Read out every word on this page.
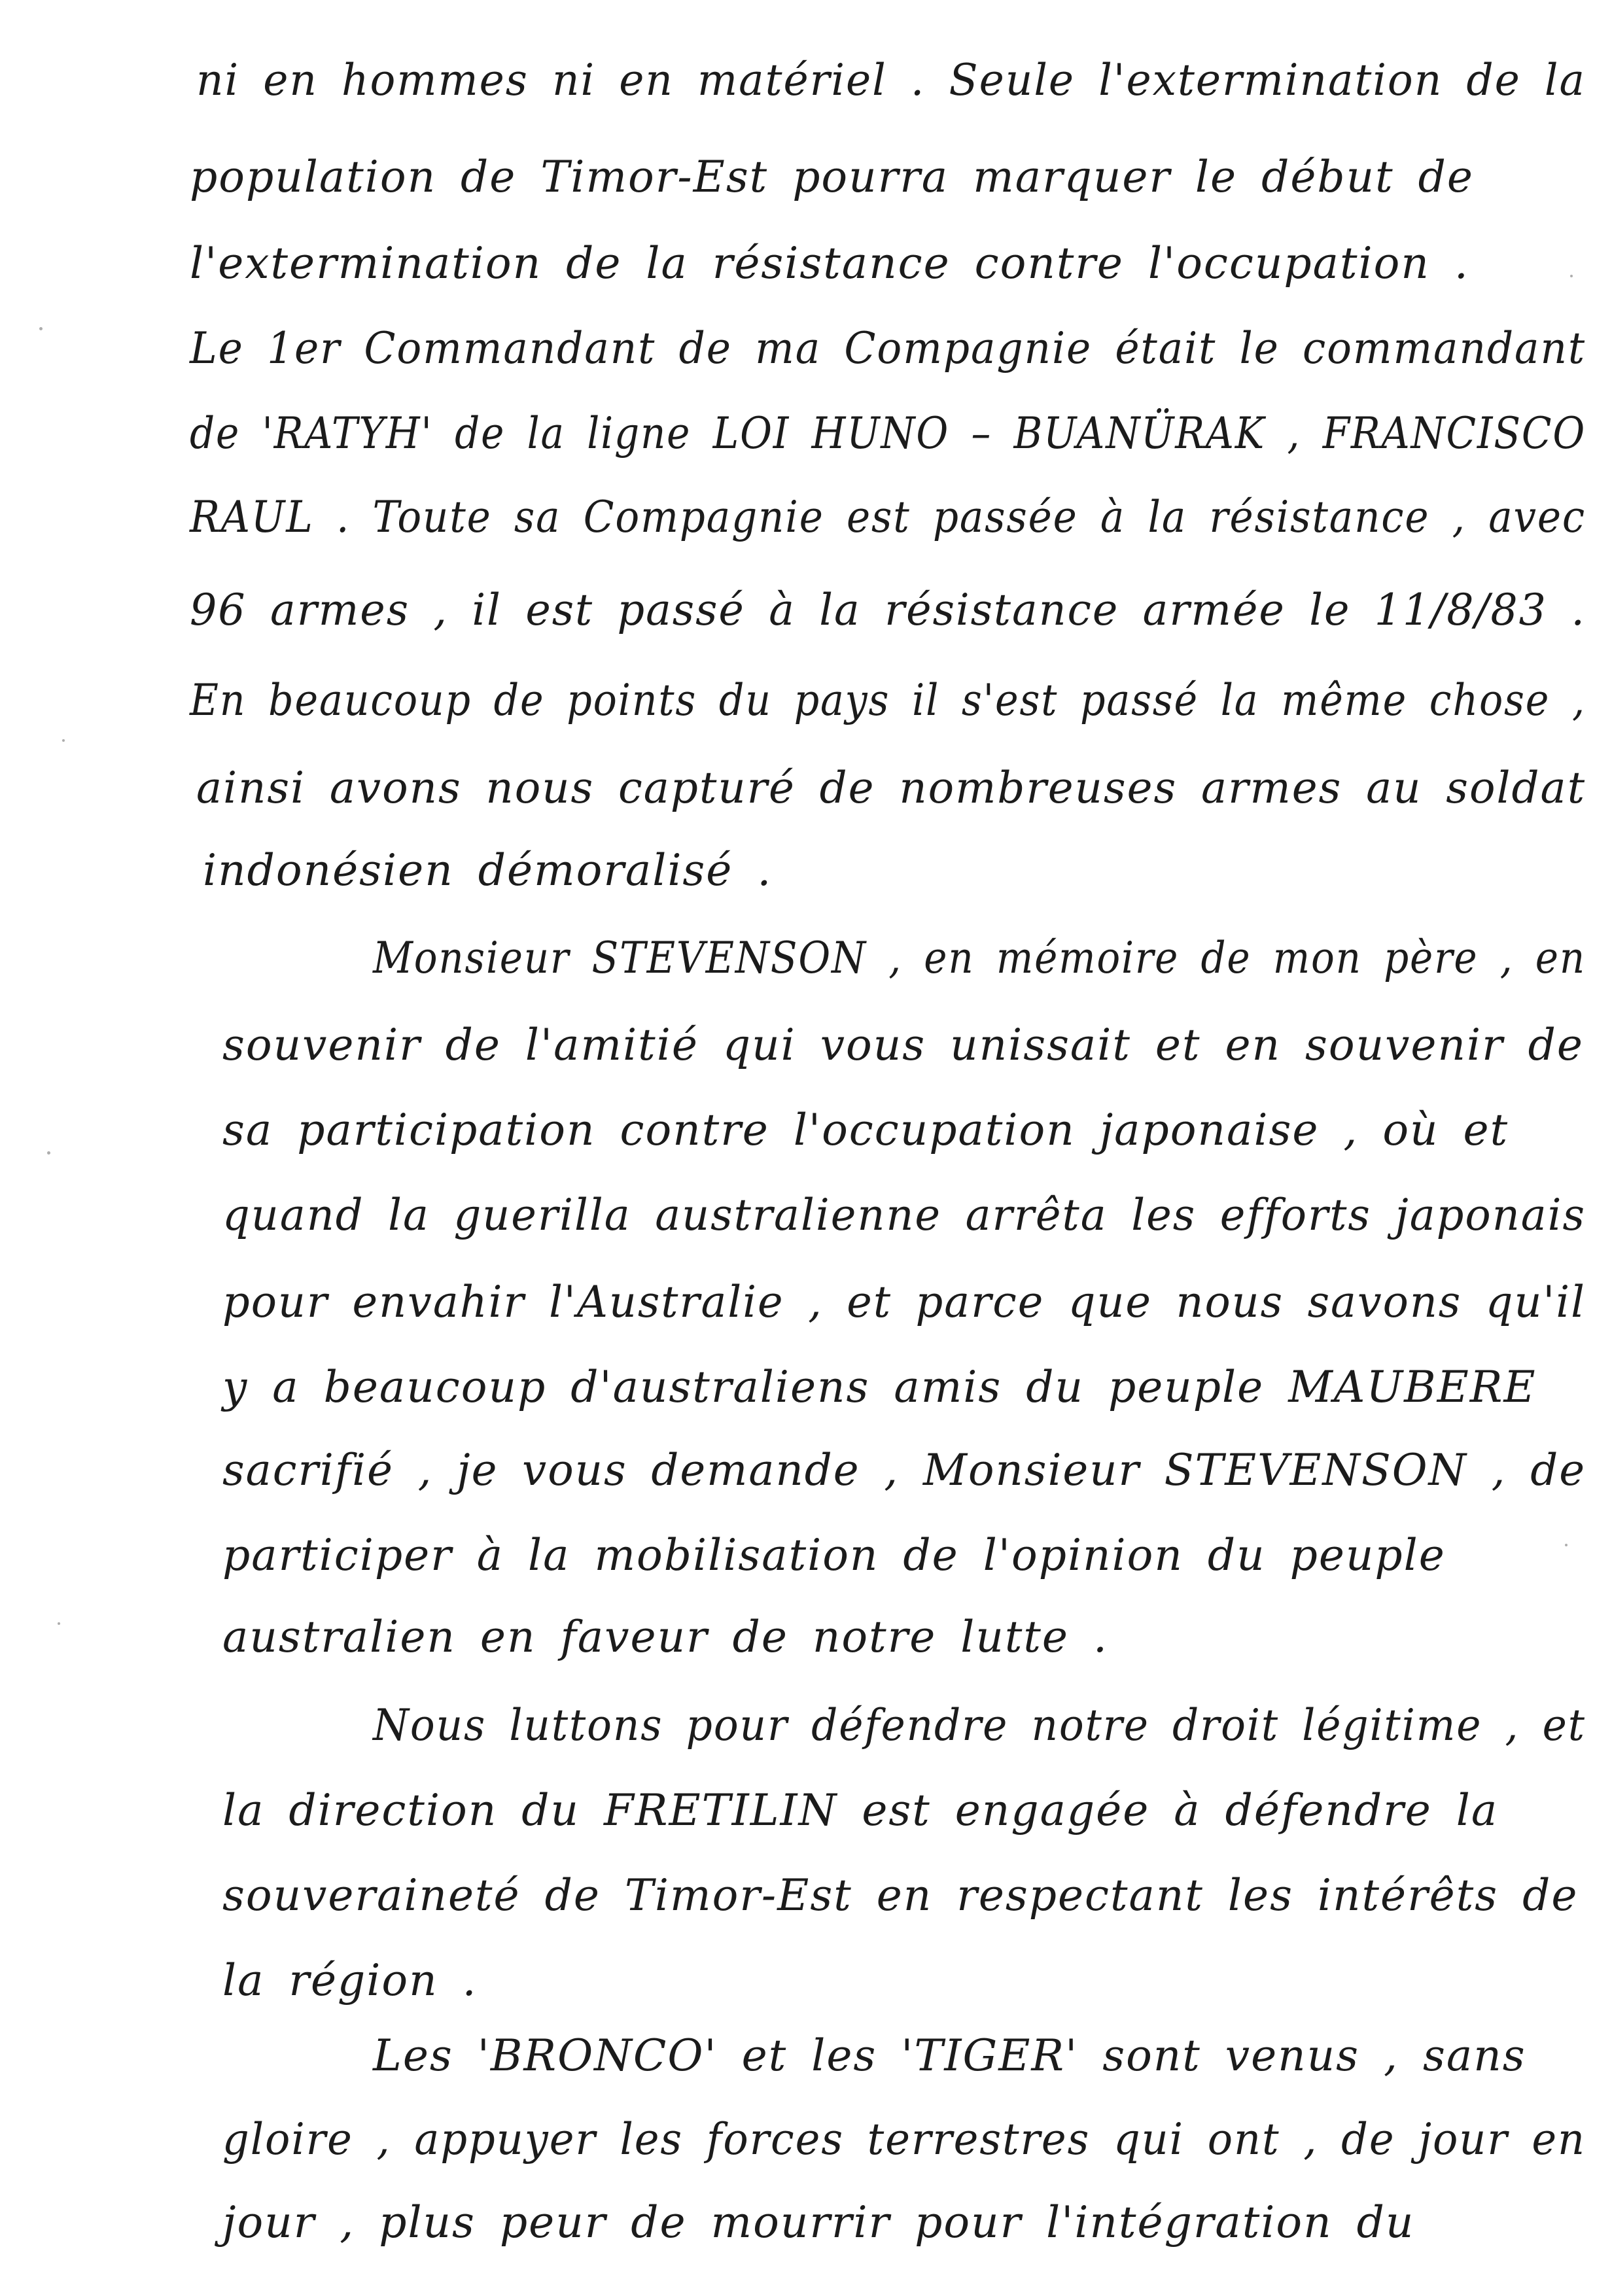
ni en hommes ni en matériel . Seule l'extermination de la
population de Timor-Est pourra marquer le début de
l'extermination de la résistance contre l'occupation .
Le 1er Commandant de ma Compagnie était le commandant
de 'RATYH' de la ligne LOI HUNO – BUANÜRAK , FRANCISCO
RAUL . Toute sa Compagnie est passée à la résistance , avec
96 armes , il est passé à la résistance armée le 11/8/83 .
En beaucoup de points du pays il s'est passé la même chose ,
ainsi avons nous capturé de nombreuses armes au soldat
indonésien démoralisé .
Monsieur STEVENSON , en mémoire de mon père , en
souvenir de l'amitié qui vous unissait et en souvenir de
sa participation contre l'occupation japonaise , où et
quand la guerilla australienne arrêta les efforts japonais
pour envahir l'Australie , et parce que nous savons qu'il
y a beaucoup d'australiens amis du peuple MAUBERE
sacrifié , je vous demande , Monsieur STEVENSON , de
participer à la mobilisation de l'opinion du peuple
australien en faveur de notre lutte .
Nous luttons pour défendre notre droit légitime , et
la direction du FRETILIN est engagée à défendre la
souveraineté de Timor-Est en respectant les intérêts de
la région .
Les 'BRONCO' et les 'TIGER' sont venus , sans
gloire , appuyer les forces terrestres qui ont , de jour en
jour , plus peur de mourrir pour l'intégration du
